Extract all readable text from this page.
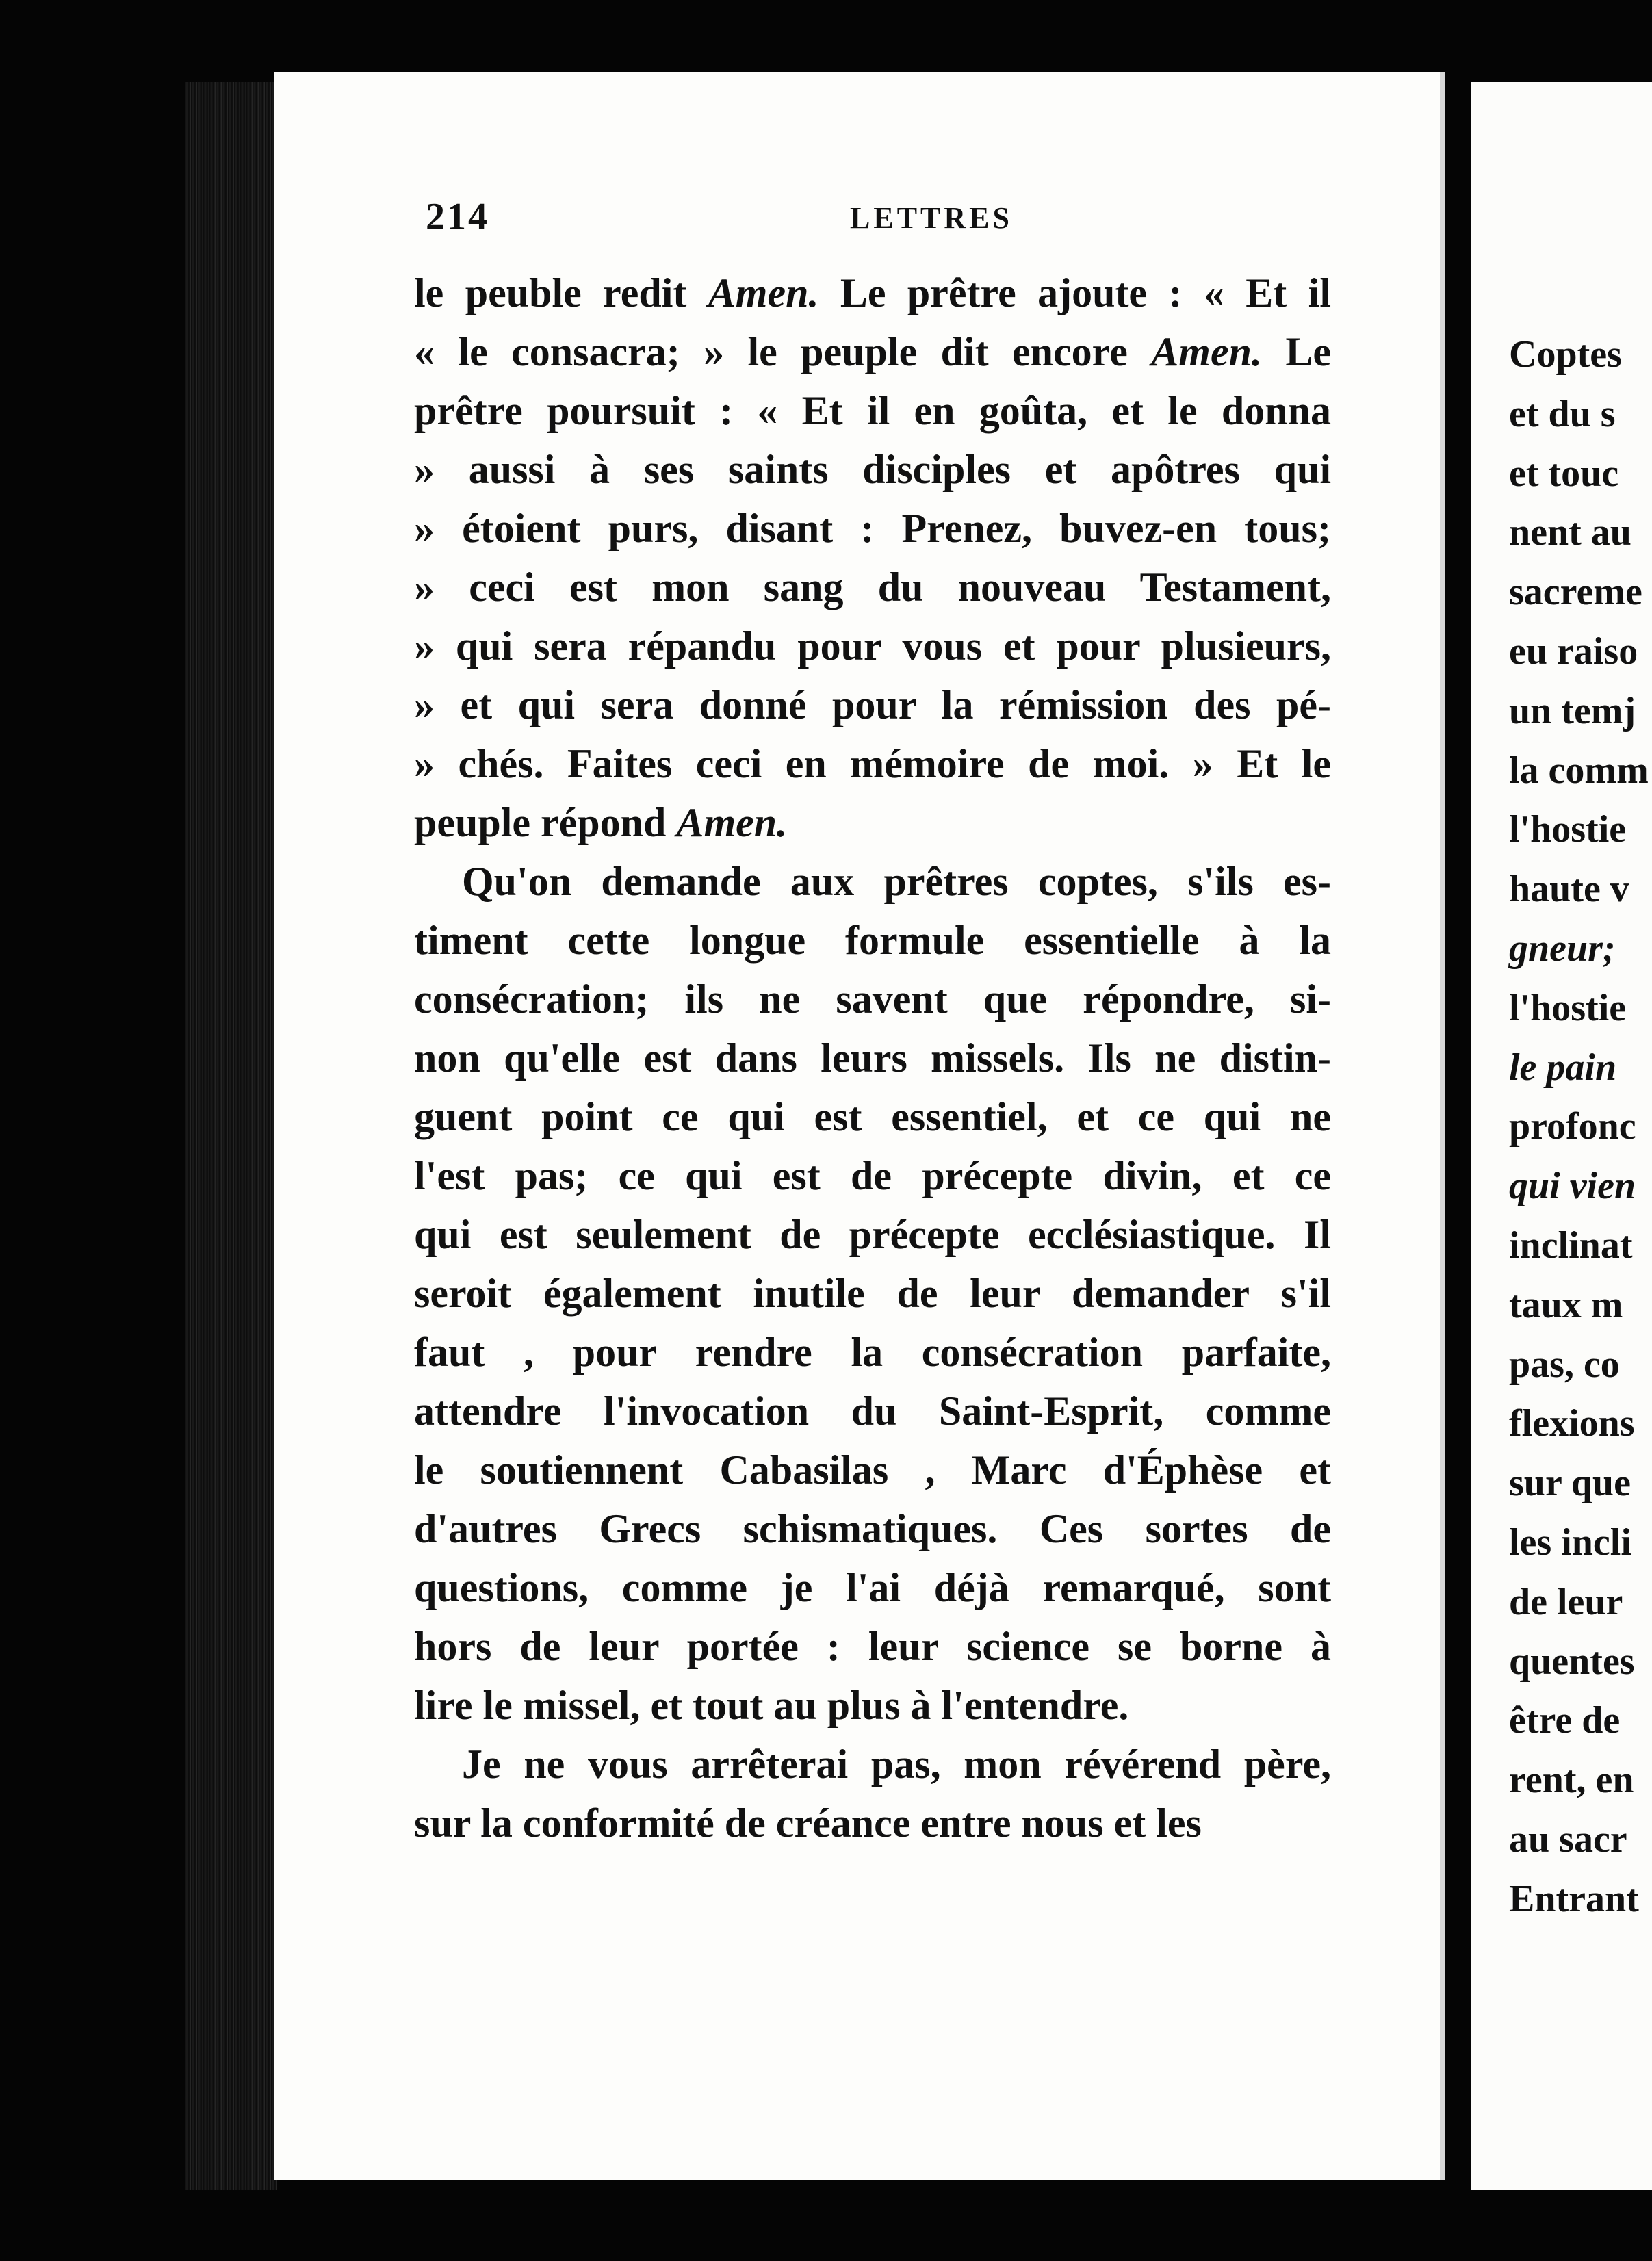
214	LETTRES
le peuble redit Amen. Le prêtre ajoute : « Et il
« le consacra; » le peuple dit encore Amen. Le
prêtre poursuit : « Et il en goûta, et le donna
» aussi à ses saints disciples et apôtres qui
» étoient purs, disant : Prenez, buvez-en tous;
» ceci est mon sang du nouveau Testament,
» qui sera répandu pour vous et pour plusieurs,
» et qui sera donné pour la rémission des pé-
» chés. Faites ceci en mémoire de moi. » Et le
peuple répond Amen.
Qu'on demande aux prêtres coptes, s'ils es-
timent cette longue formule essentielle à la
consécration; ils ne savent que répondre, si-
non qu'elle est dans leurs missels. Ils ne distin-
guent point ce qui est essentiel, et ce qui ne
l'est pas; ce qui est de précepte divin, et ce
qui est seulement de précepte ecclésiastique. Il
seroit également inutile de leur demander s'il
faut , pour rendre la consécration parfaite,
attendre l'invocation du Saint-Esprit, comme
le soutiennent Cabasilas , Marc d'Éphèse et
d'autres Grecs schismatiques. Ces sortes de
questions, comme je l'ai déjà remarqué, sont
hors de leur portée : leur science se borne à
lire le missel, et tout au plus à l'entendre.
Je ne vous arrêterai pas, mon révérend père,
sur la conformité de créance entre nous et les
Coptes
et du s
et touc
nent au
sacreme
eu raiso
un temj
la comm
l'hostie
haute v
gneur;
l'hostie
le pain
profonc
qui vien
inclinat
taux m
pas, co
flexions
sur que
les incli
de leur
quentes
être de
rent, en
au sacr
Entrant
